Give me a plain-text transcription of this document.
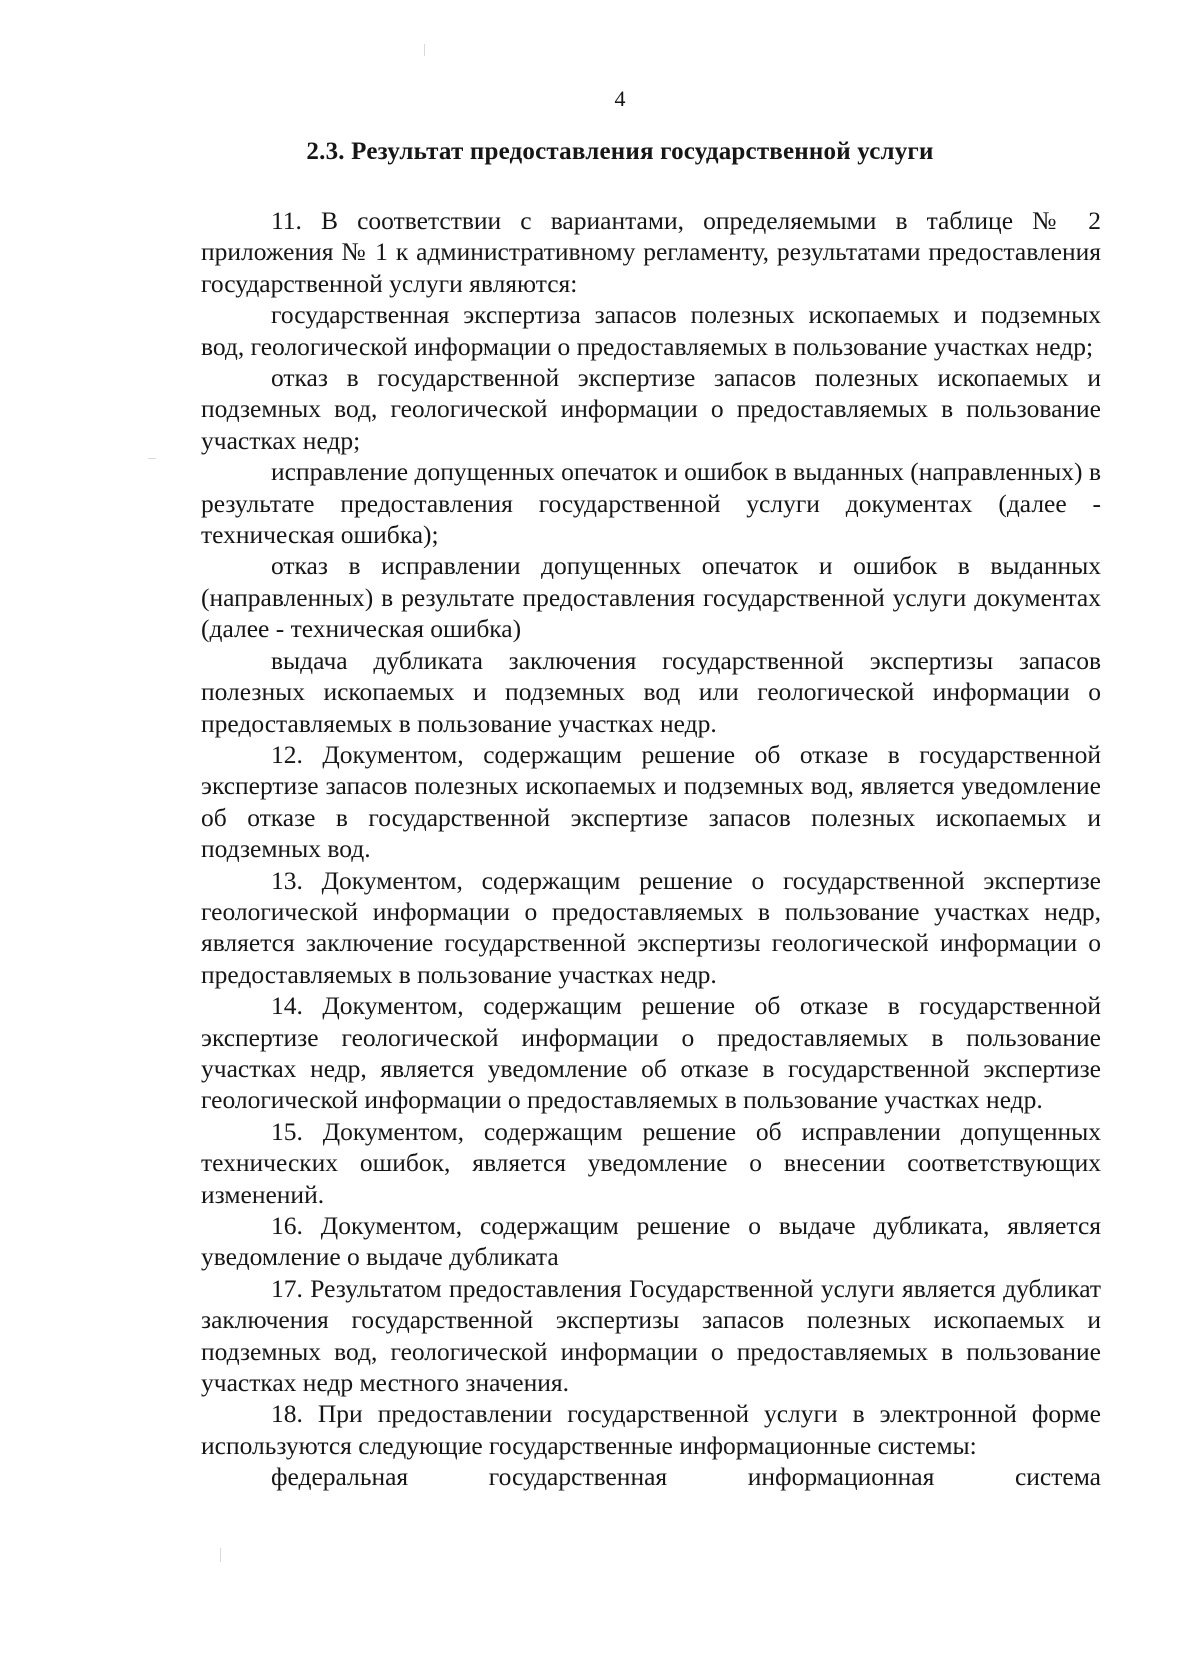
4
2.3. Результат предоставления государственной услуги

11. В соответствии с вариантами, определяемыми в таблице № 2 приложения № 1 к административному регламенту, результатами предоставления государственной услуги являются:

государственная экспертиза запасов полезных ископаемых и подземных вод, геологической информации о предоставляемых в пользование участках недр;

отказ в государственной экспертизе запасов полезных ископаемых и подземных вод, геологической информации о предоставляемых в пользование участках недр;

исправление допущенных опечаток и ошибок в выданных (направленных) в результате предоставления государственной услуги документах (далее - техническая ошибка);

отказ в исправлении допущенных опечаток и ошибок в выданных (направленных) в результате предоставления государственной услуги документах (далее - техническая ошибка)

выдача дубликата заключения государственной экспертизы запасов полезных ископаемых и подземных вод или геологической информации о предоставляемых в пользование участках недр.

12. Документом, содержащим решение об отказе в государственной экспертизе запасов полезных ископаемых и подземных вод, является уведомление об отказе в государственной экспертизе запасов полезных ископаемых и подземных вод.

13. Документом, содержащим решение о государственной экспертизе геологической информации о предоставляемых в пользование участках недр, является заключение государственной экспертизы геологической информации о предоставляемых в пользование участках недр.

14. Документом, содержащим решение об отказе в государственной экспертизе геологической информации о предоставляемых в пользование участках недр, является уведомление об отказе в государственной экспертизе геологической информации о предоставляемых в пользование участках недр.

15. Документом, содержащим решение об исправлении допущенных технических ошибок, является уведомление о внесении соответствующих изменений.

16. Документом, содержащим решение о выдаче дубликата, является уведомление о выдаче дубликата

17. Результатом предоставления Государственной услуги является дубликат заключения государственной экспертизы запасов полезных ископаемых и подземных вод, геологической информации о предоставляемых в пользование участках недр местного значения.

18. При предоставлении государственной услуги в электронной форме используются следующие государственные информационные системы:

федеральная	государственная	информационная	система
